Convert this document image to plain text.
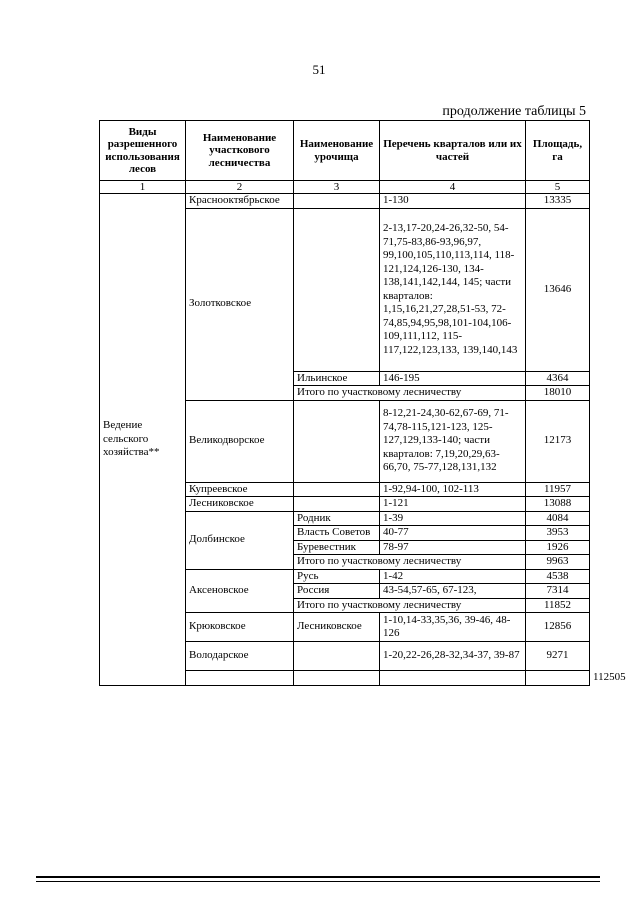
51
продолжение таблицы 5
Виды разрешенного использования лесов	Наименование участкового лесничества	Наименование урочища	Перечень кварталов или их частей	Площадь, га	
1	2	3	4	5	
Ведение сельского хозяйства**	Красноoктябрьское		1-130	13335	
	Золотковское		2-13,17-20,24-26,32-50, 54-71,75-83,86-93,96,97, 99,100,105,110,113,114, 118-121,124,126-130, 134-138,141,142,144, 145; части кварталов: 1,15,16,21,27,28,51-53, 72-74,85,94,95,98,101-104,106-109,111,112, 115-117,122,123,133, 139,140,143	13646	
		Ильинское	146-195	4364	
		Итого по участковому лесничеству		18010	
	Великодворское		8-12,21-24,30-62,67-69, 71-74,78-115,121-123, 125-127,129,133-140; части кварталов: 7,19,20,29,63-66,70, 75-77,128,131,132	12173	
	Купреевское		1-92,94-100, 102-113	11957	
	Лесниковское		1-121	13088	
	Долбинское	Родник	1-39	4084	
		Власть Советов	40-77	3953	
		Буревестник	78-97	1926	
		Итого по участковому лесничеству		9963	
	Аксеновское	Русь	1-42	4538	
		Россия	43-54,57-65, 67-123,	7314	
		Итого по участковому лесничеству		11852	
	Крюковское	Лесниковское	1-10,14-33,35,36, 39-46, 48-126	12856	
	Володарское		1-20,22-26,28-32,34-37, 39-87	9271	
					112505
